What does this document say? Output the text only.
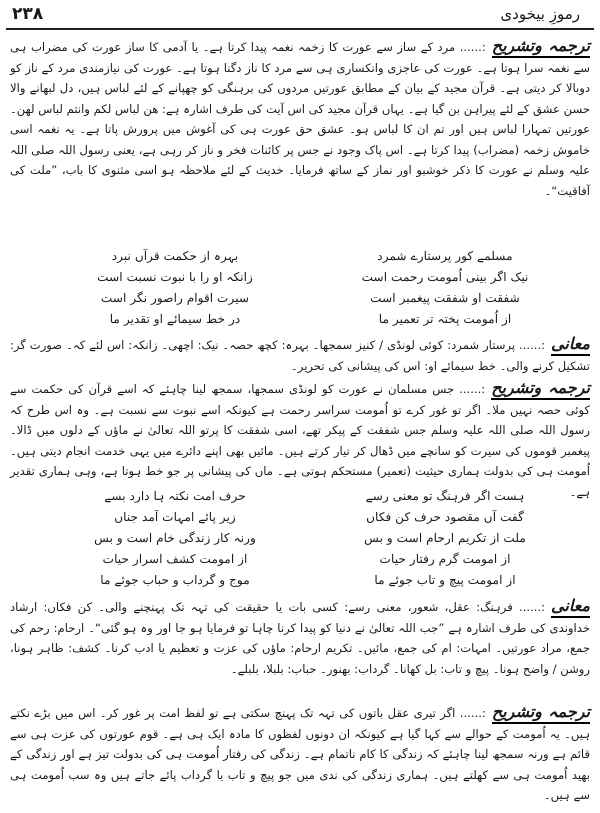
۲۳۸	رموزِ بیخودی

ترجمہ وتشریح:...... مرد کے ساز سے عورت کا زخمہ نغمہ پیدا کرتا ہے۔ یا آدمی کا ساز عورت کی مضراب ہی سے نغمہ سرا ہوتا ہے۔ عورت کی عاجزی وانکساری ہی سے مرد کا ناز دگنا ہوتا ہے۔ عورت کی نیازمندی مرد کے ناز کو دوبالا کر دیتی ہے۔ قرآن مجید کے بیان کے مطابق عورتیں مردوں کی برہنگی کو چھپانے کے لئے لباس ہیں، دل لبھانے والا حسن عشق کے لئے پیراہن بن گیا ہے۔ یہاں قرآن مجید کی اس آیت کی طرف اشارہ ہے: ھن لباس لکم وانتم لباس لھن۔ عورتیں تمہارا لباس ہیں اور تم ان کا لباس ہو۔ عشق حق عورت ہی کی آغوش میں پرورش پاتا ہے۔ یہ نغمہ اسی خاموش زخمہ (مضراب) پیدا کرتا ہے۔ اس پاک وجود نے جس پر کائنات فخر و ناز کر رہی ہے، یعنی رسول اللہ صلی اللہ علیہ وسلم نے عورت کا ذکر خوشبو اور نماز کے ساتھ فرمایا۔ خدیث کے لئے ملاحظہ ہو اسی مثنوی کا باب، ”ملت کی آفاقیت“۔

مسلمے کور پرستارے شمرد
بہرہ از حکمت قرآں نبرد
نیک اگر بینی اُمومت رحمت است
زانکہ او را با نبوت نسبت است
شفقت او شفقت پیغمبر است
سیرت اقوام راصور نگر است
از اُمومت پختہ تر تعمیر ما
در خط سیمائے او تقدیر ما

معانی:...... پرستار شمرد: کوئی لونڈی / کنیز سمجھا۔ بہرہ: کچھ حصہ۔ نیک: اچھی۔ زانکہ: اس لئے کہ۔ صورت گر: تشکیل کرنے والی۔ خط سیمائے او: اس کی پیشانی کی تحریر۔

ترجمہ وتشریح:...... جس مسلمان نے عورت کو لونڈی سمجھا، سمجھ لینا چاہئے کہ اسے قرآن کی حکمت سے کوئی حصہ نہیں ملا۔ اگر تو غور کرے تو اُمومت سراسر رحمت ہے کیونکہ اسے نبوت سے نسبت ہے۔ وہ اس طرح کہ رسول اللہ صلی اللہ علیہ وسلم جس شفقت کے پیکر تھے، اسی شفقت کا پرتو اللہ تعالیٰ نے ماؤں کے دلوں میں ڈالا۔ پیغمبر قوموں کی سیرت کو سانچے میں ڈھال کر تیار کرتے ہیں۔ مائیں بھی اپنے دائرے میں یہی خدمت انجام دیتی ہیں۔ اُمومت ہی کی بدولت ہماری حیثیت (تعمیر) مستحکم ہوتی ہے۔ ماں کی پیشانی پر جو خط ہوتا ہے، وہی ہماری تقدیر ہے۔

ہست اگر فرہنگ تو معنی رسے
حرف امت نکتہ ہا دارد بسے
گفت آں مقصود حرف کن فکاں
زیر پائے امہات آمد جناں
ملت از تکریم ارحام است و بس
ورنہ کار زندگی خام است و بس
از امومت گرم رفتار حیات
از امومت کشف اسرار حیات
از امومت پیچ و تاب جوئے ما
موج و گرداب و حباب جوئے ما

معانی:...... فرہنگ: عقل، شعور، معنی رسے: کسی بات یا حقیقت کی تہہ تک پہنچنے والی۔ کن فکاں: ارشاد خداوندی کی طرف اشارہ ہے ”جب اللہ تعالیٰ نے دنیا کو پیدا کرنا چاہا تو فرمایا ہو جا اور وہ ہو گئی“۔ ارحام: رحم کی جمع، مراد عورتیں۔ امہات: ام کی جمع، مائیں۔ تکریم ارحام: ماؤں کی عزت و تعظیم یا ادب کرنا۔ کشف: ظاہر ہونا، روشن / واضح ہونا۔ پیچ و تاب: بل کھانا۔ گرداب: بھنور۔ حباب: بلبلا، بلبلے۔

ترجمہ وتشریح:...... اگر تیری عقل باتوں کی تہہ تک پہنچ سکتی ہے تو لفظ امت پر غور کر۔ اس میں بڑے نکتے ہیں۔ یہ اُمومت کے حوالے سے کہا گیا ہے کیونکہ ان دونوں لفظوں کا مادہ ایک ہی ہے۔ قوم عورتوں کی عزت ہی سے قائم ہے ورنہ سمجھ لینا چاہئے کہ زندگی کا کام ناتمام ہے۔ زندگی کی رفتار اُمومت ہی کی بدولت تیز ہے اور زندگی کے بھید اُمومت ہی سے کھلتے ہیں۔ ہماری زندگی کی ندی میں جو پیچ و تاب یا گرداب پائے جاتے ہیں وہ سب اُمومت ہی سے ہیں۔
